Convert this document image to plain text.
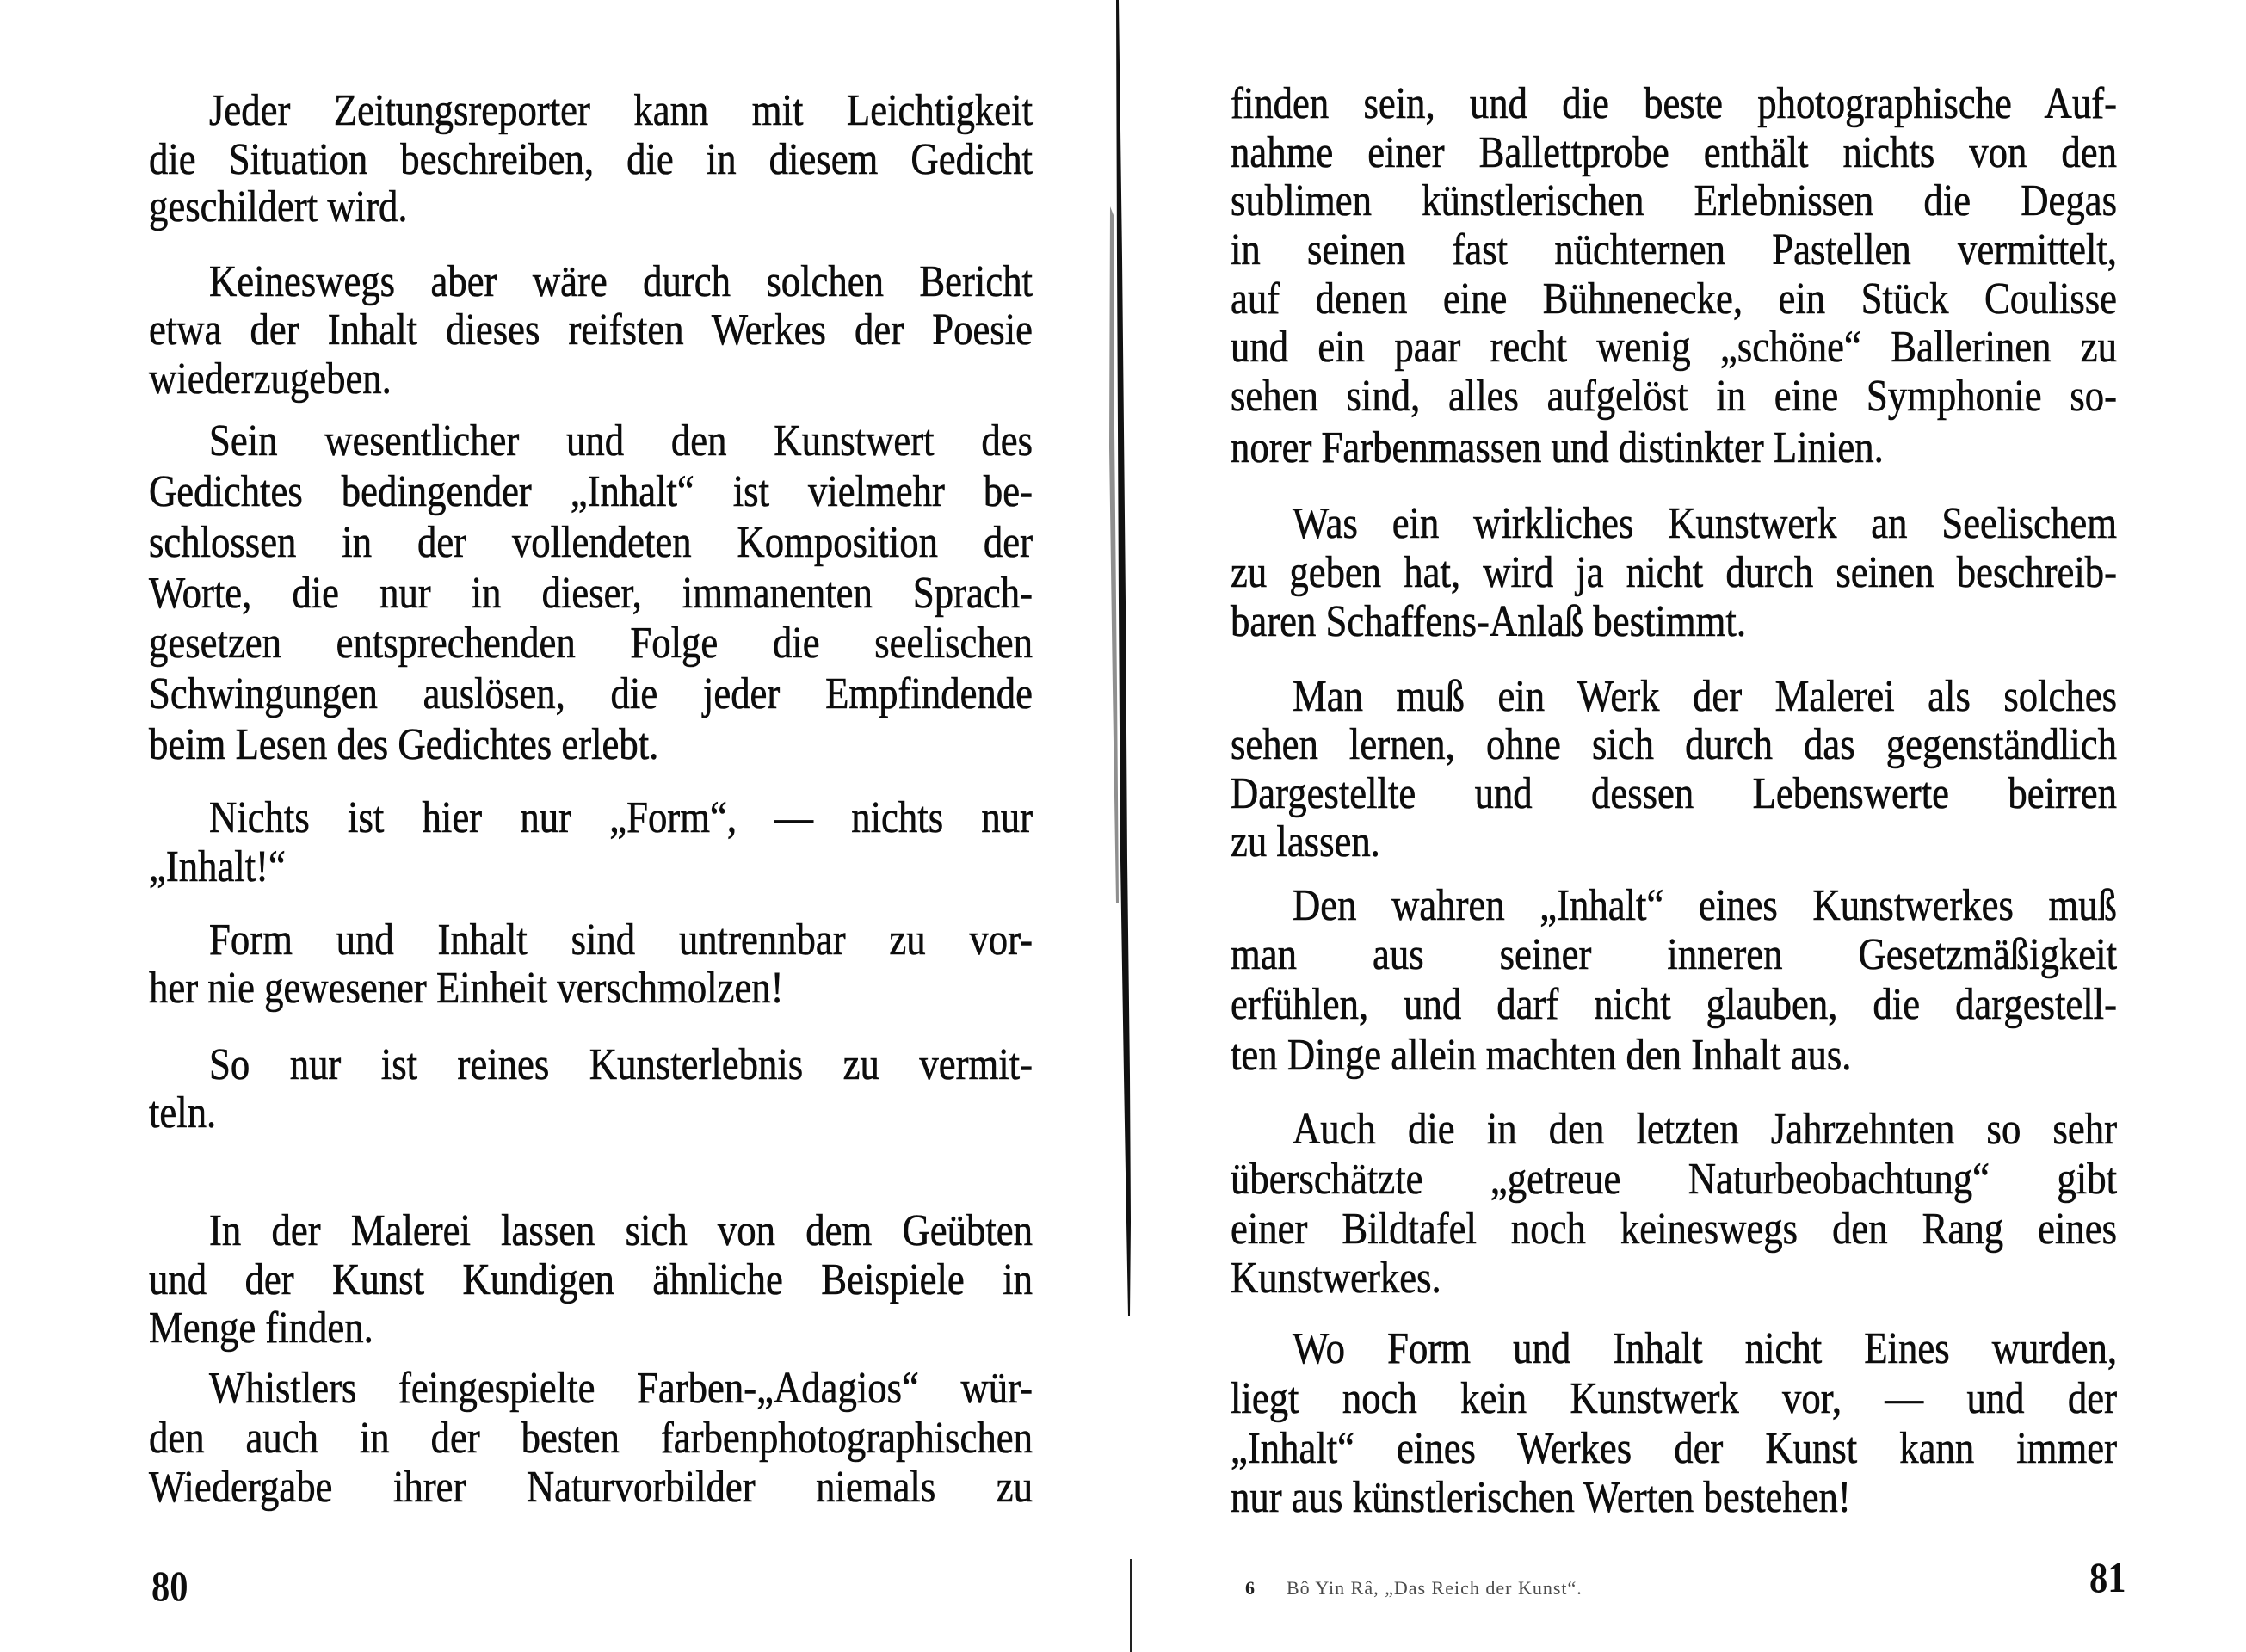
Jeder Zeitungsreporter kann mit Leichtigkeit
die Situation beschreiben, die in diesem Gedicht
geschildert wird.
Keineswegs aber wäre durch solchen Bericht
etwa der Inhalt dieses reifsten Werkes der Poesie
wiederzugeben.
Sein wesentlicher und den Kunstwert des
Gedichtes bedingender „Inhalt“ ist vielmehr be-
schlossen in der vollendeten Komposition der
Worte, die nur in dieser, immanenten Sprach-
gesetzen entsprechenden Folge die seelischen
Schwingungen auslösen, die jeder Empfindende
beim Lesen des Gedichtes erlebt.
Nichts ist hier nur „Form“, — nichts nur
„Inhalt!“
Form und Inhalt sind untrennbar zu vor-
her nie gewesener Einheit verschmolzen!
So nur ist reines Kunsterlebnis zu vermit-
teln.
In der Malerei lassen sich von dem Geübten
und der Kunst Kundigen ähnliche Beispiele in
Menge finden.
Whistlers feingespielte Farben-„Adagios“ wür-
den auch in der besten farbenphotographischen
Wiedergabe ihrer Naturvorbilder niemals zu
80
finden sein, und die beste photographische Auf-
nahme einer Ballettprobe enthält nichts von den
sublimen künstlerischen Erlebnissen die Degas
in seinen fast nüchternen Pastellen vermittelt,
auf denen eine Bühnenecke, ein Stück Coulisse
und ein paar recht wenig „schöne“ Ballerinen zu
sehen sind, alles aufgelöst in eine Symphonie so-
norer Farbenmassen und distinkter Linien.
Was ein wirkliches Kunstwerk an Seelischem
zu geben hat, wird ja nicht durch seinen beschreib-
baren Schaffens-Anlaß bestimmt.
Man muß ein Werk der Malerei als solches
sehen lernen, ohne sich durch das gegenständlich
Dargestellte und dessen Lebenswerte beirren
zu lassen.
Den wahren „Inhalt“ eines Kunstwerkes muß
man aus seiner inneren Gesetzmäßigkeit
erfühlen, und darf nicht glauben, die dargestell-
ten Dinge allein machten den Inhalt aus.
Auch die in den letzten Jahrzehnten so sehr
überschätzte „getreue Naturbeobachtung“ gibt
einer Bildtafel noch keineswegs den Rang eines
Kunstwerkes.
Wo Form und Inhalt nicht Eines wurden,
liegt noch kein Kunstwerk vor, — und der
„Inhalt“ eines Werkes der Kunst kann immer
nur aus künstlerischen Werten bestehen!
6 Bô Yin Râ, „Das Reich der Kunst“.	81
